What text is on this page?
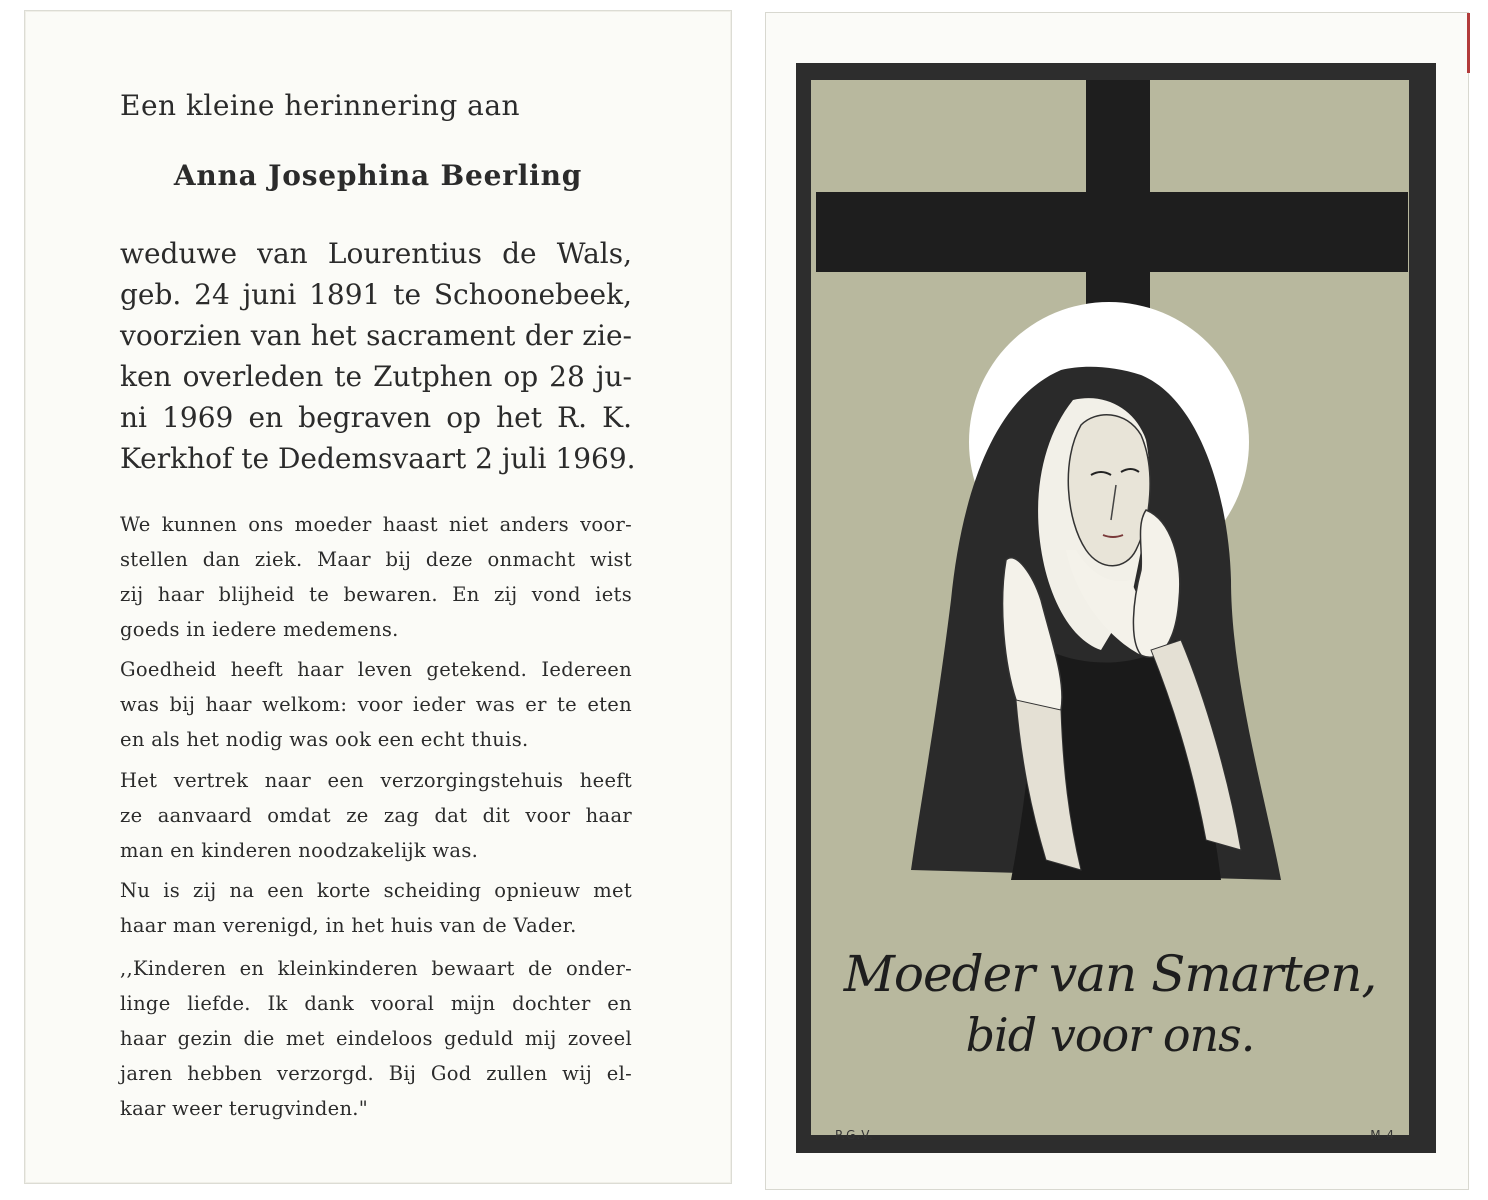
Een kleine herinnering aan
Anna Josephina Beerling
weduwe van Lourentius de Wals,
geb. 24 juni 1891 te Schoonebeek,
voorzien van het sacrament der zie-
ken overleden te Zutphen op 28 ju-
ni 1969 en begraven op het R. K.
Kerkhof te Dedemsvaart 2 juli 1969.
We kunnen ons moeder haast niet anders voor-
stellen dan ziek. Maar bij deze onmacht wist
zij haar blijheid te bewaren. En zij vond iets
goeds in iedere medemens.
Goedheid heeft haar leven getekend. Iedereen
was bij haar welkom: voor ieder was er te eten
en als het nodig was ook een echt thuis.
Het vertrek naar een verzorgingstehuis heeft
ze aanvaard omdat ze zag dat dit voor haar
man en kinderen noodzakelijk was.
Nu is zij na een korte scheiding opnieuw met
haar man verenigd, in het huis van de Vader.
,,Kinderen en kleinkinderen bewaart de onder-
linge liefde. Ik dank vooral mijn dochter en
haar gezin die met eindeloos geduld mij zoveel
jaren hebben verzorgd. Bij God zullen wij el-
kaar weer terugvinden."
Moeder van Smarten,
bid voor ons.
P.G.V.	M 4
